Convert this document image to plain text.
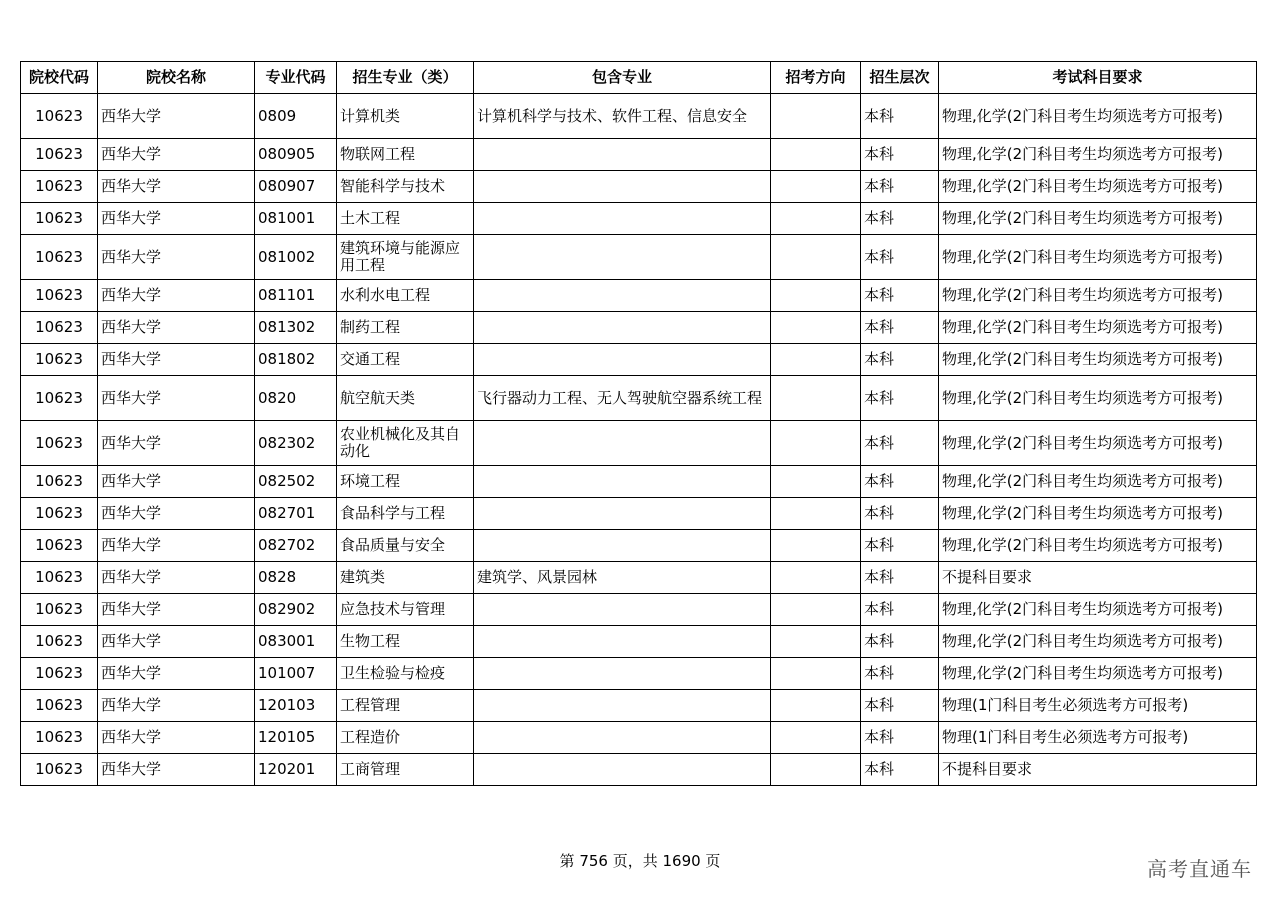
院校代码	院校名称	专业代码	招生专业（类）	包含专业	招考方向	招生层次	考试科目要求
10623	西华大学	0809	计算机类	计算机科学与技术、软件工程、信息安全		本科	物理,化学(2门科目考生均须选考方可报考)
10623	西华大学	080905	物联网工程			本科	物理,化学(2门科目考生均须选考方可报考)
10623	西华大学	080907	智能科学与技术			本科	物理,化学(2门科目考生均须选考方可报考)
10623	西华大学	081001	土木工程			本科	物理,化学(2门科目考生均须选考方可报考)
10623	西华大学	081002	建筑环境与能源应用工程			本科	物理,化学(2门科目考生均须选考方可报考)
10623	西华大学	081101	水利水电工程			本科	物理,化学(2门科目考生均须选考方可报考)
10623	西华大学	081302	制药工程			本科	物理,化学(2门科目考生均须选考方可报考)
10623	西华大学	081802	交通工程			本科	物理,化学(2门科目考生均须选考方可报考)
10623	西华大学	0820	航空航天类	飞行器动力工程、无人驾驶航空器系统工程		本科	物理,化学(2门科目考生均须选考方可报考)
10623	西华大学	082302	农业机械化及其自动化			本科	物理,化学(2门科目考生均须选考方可报考)
10623	西华大学	082502	环境工程			本科	物理,化学(2门科目考生均须选考方可报考)
10623	西华大学	082701	食品科学与工程			本科	物理,化学(2门科目考生均须选考方可报考)
10623	西华大学	082702	食品质量与安全			本科	物理,化学(2门科目考生均须选考方可报考)
10623	西华大学	0828	建筑类	建筑学、风景园林		本科	不提科目要求
10623	西华大学	082902	应急技术与管理			本科	物理,化学(2门科目考生均须选考方可报考)
10623	西华大学	083001	生物工程			本科	物理,化学(2门科目考生均须选考方可报考)
10623	西华大学	101007	卫生检验与检疫			本科	物理,化学(2门科目考生均须选考方可报考)
10623	西华大学	120103	工程管理			本科	物理(1门科目考生必须选考方可报考)
10623	西华大学	120105	工程造价			本科	物理(1门科目考生必须选考方可报考)
10623	西华大学	120201	工商管理			本科	不提科目要求
第 756 页，共 1690 页	高考直通车
